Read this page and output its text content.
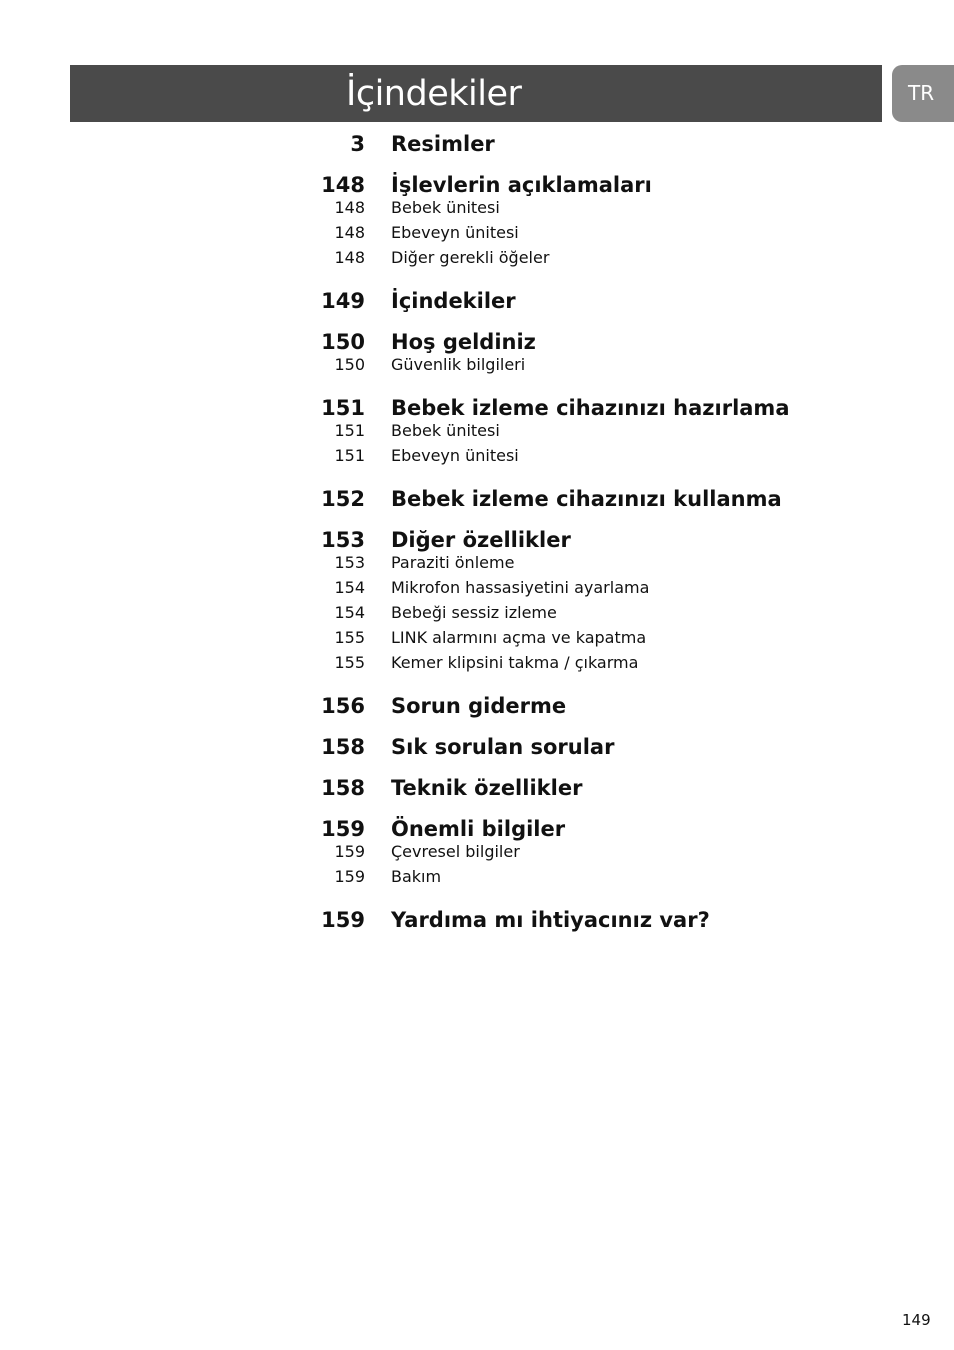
İçindekiler	TR
3 Resimler
148 İşlevlerin açıklamaları
148 Bebek ünitesi
148 Ebeveyn ünitesi
148 Diğer gerekli öğeler
149 İçindekiler
150 Hoş geldiniz
150 Güvenlik bilgileri
151 Bebek izleme cihazınızı hazırlama
151 Bebek ünitesi
151 Ebeveyn ünitesi
152 Bebek izleme cihazınızı kullanma
153 Diğer özellikler
153 Paraziti önleme
154 Mikrofon hassasiyetini ayarlama
154 Bebeği sessiz izleme
155 LINK alarmını açma ve kapatma
155 Kemer klipsini takma / çıkarma
156 Sorun giderme
158 Sık sorulan sorular
158 Teknik özellikler
159 Önemli bilgiler
159 Çevresel bilgiler
159 Bakım
159 Yardıma mı ihtiyacınız var?
149
